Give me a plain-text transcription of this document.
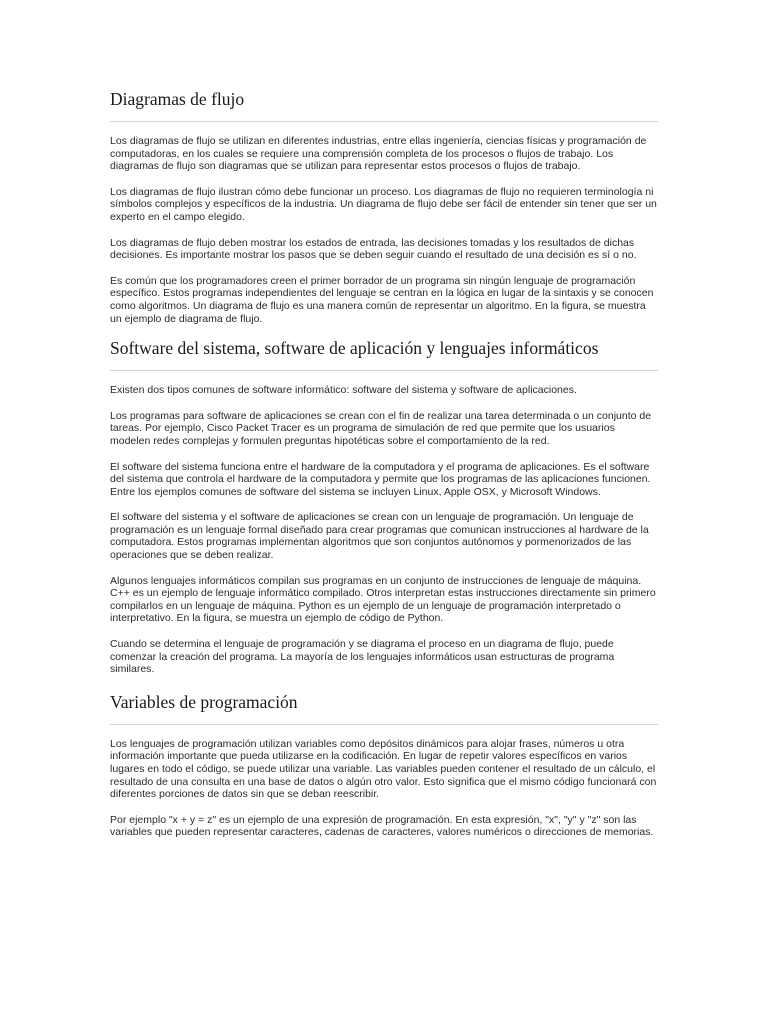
Diagramas de flujo

Los diagramas de flujo se utilizan en diferentes industrias, entre ellas ingeniería, ciencias físicas y programación de computadoras, en los cuales se requiere una comprensión completa de los procesos o flujos de trabajo. Los diagramas de flujo son diagramas que se utilizan para representar estos procesos o flujos de trabajo.

Los diagramas de flujo ilustran cómo debe funcionar un proceso. Los diagramas de flujo no requieren terminología ni símbolos complejos y específicos de la industria. Un diagrama de flujo debe ser fácil de entender sin tener que ser un experto en el campo elegido.

Los diagramas de flujo deben mostrar los estados de entrada, las decisiones tomadas y los resultados de dichas decisiones. Es importante mostrar los pasos que se deben seguir cuando el resultado de una decisión es sí o no.

Es común que los programadores creen el primer borrador de un programa sin ningún lenguaje de programación específico. Estos programas independientes del lenguaje se centran en la lógica en lugar de la sintaxis y se conocen como algoritmos. Un diagrama de flujo es una manera común de representar un algoritmo. En la figura, se muestra un ejemplo de diagrama de flujo.

Software del sistema, software de aplicación y lenguajes informáticos

Existen dos tipos comunes de software informático: software del sistema y software de aplicaciones.

Los programas para software de aplicaciones se crean con el fin de realizar una tarea determinada o un conjunto de tareas. Por ejemplo, Cisco Packet Tracer es un programa de simulación de red que permite que los usuarios modelen redes complejas y formulen preguntas hipotéticas sobre el comportamiento de la red.

El software del sistema funciona entre el hardware de la computadora y el programa de aplicaciones. Es el software del sistema que controla el hardware de la computadora y permite que los programas de las aplicaciones funcionen. Entre los ejemplos comunes de software del sistema se incluyen Linux, Apple OSX, y Microsoft Windows.

El software del sistema y el software de aplicaciones se crean con un lenguaje de programación. Un lenguaje de programación es un lenguaje formal diseñado para crear programas que comunican instrucciones al hardware de la computadora. Estos programas implementan algoritmos que son conjuntos autónomos y pormenorizados de las operaciones que se deben realizar.

Algunos lenguajes informáticos compilan sus programas en un conjunto de instrucciones de lenguaje de máquina. C++ es un ejemplo de lenguaje informático compilado. Otros interpretan estas instrucciones directamente sin primero compilarlos en un lenguaje de máquina. Python es un ejemplo de un lenguaje de programación interpretado o interpretativo. En la figura, se muestra un ejemplo de código de Python.

Cuando se determina el lenguaje de programación y se diagrama el proceso en un diagrama de flujo, puede comenzar la creación del programa. La mayoría de los lenguajes informáticos usan estructuras de programa similares.

Variables de programación

Los lenguajes de programación utilizan variables como depósitos dinámicos para alojar frases, números u otra información importante que pueda utilizarse en la codificación. En lugar de repetir valores específicos en varios lugares en todo el código, se puede utilizar una variable. Las variables pueden contener el resultado de un cálculo, el resultado de una consulta en una base de datos o algún otro valor. Esto significa que el mismo código funcionará con diferentes porciones de datos sin que se deban reescribir.

Por ejemplo "x + y = z" es un ejemplo de una expresión de programación. En esta expresión, "x", "y" y "z" son las variables que pueden representar caracteres, cadenas de caracteres, valores numéricos o direcciones de memorias.
